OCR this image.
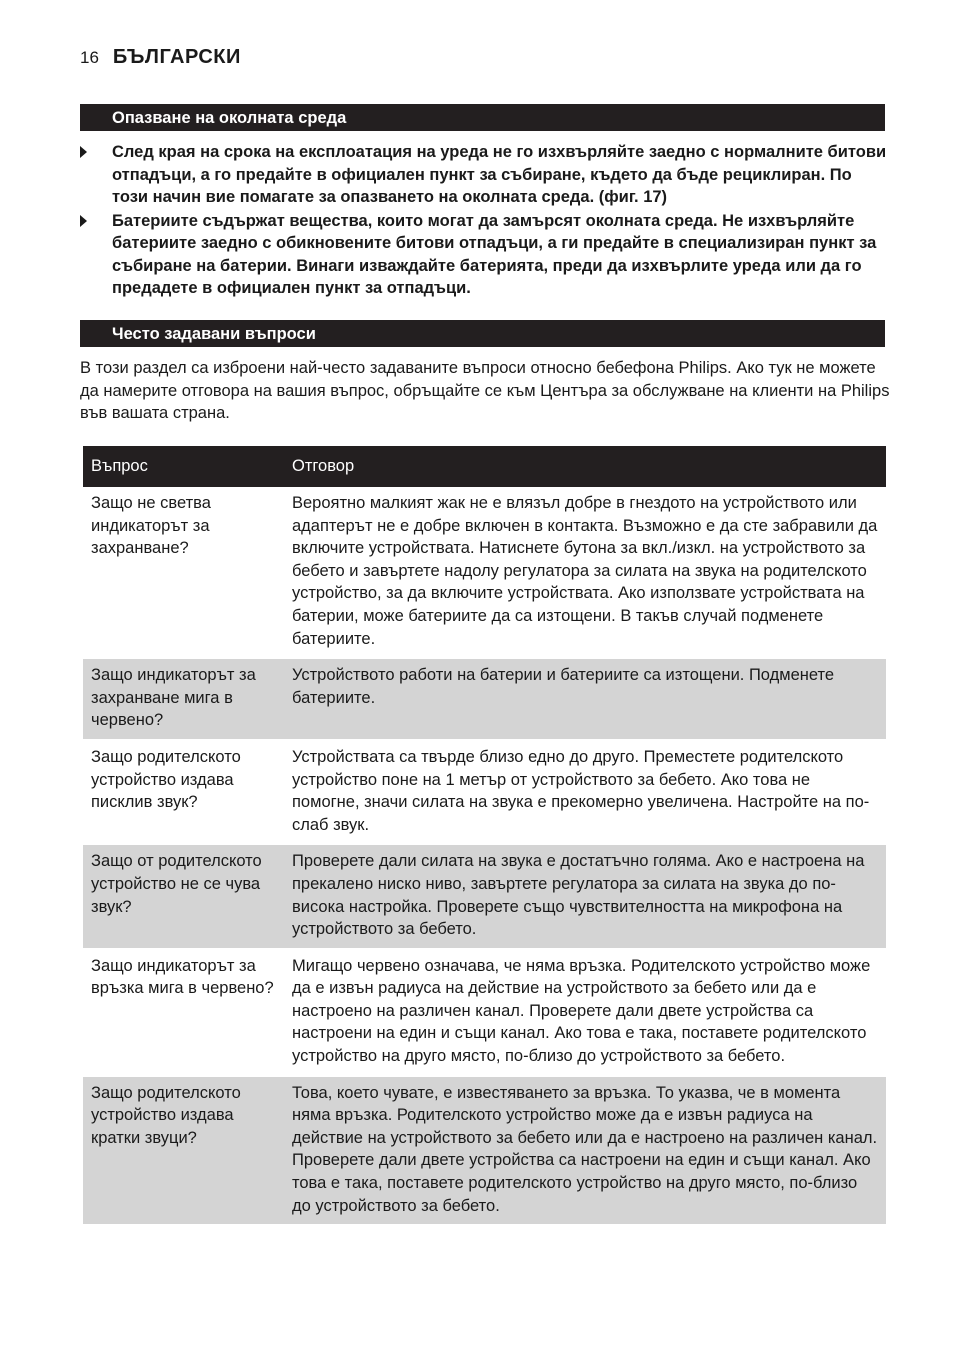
16 БЪЛГАРСКИ
Опазване на околната среда
След края на срока на експлоатация на уреда не го изхвърляйте заедно с нормалните битови отпадъци, а го предайте в официален пункт за събиране, където да бъде рециклиран. По този начин вие помагате за опазването на околната среда. (фиг. 17)
Батериите съдържат вещества, които могат да замърсят околната среда. Не изхвърляйте батериите заедно с обикновените битови отпадъци, а ги предайте в специализиран пункт за събиране на батерии. Винаги изваждайте батерията, преди да изхвърлите уреда или да го предадете в официален пункт за отпадъци.
Често задавани въпроси

В този раздел са изброени най-често задаваните въпроси относно бебефона Philips. Ако тук не можете да намерите отговора на вашия въпрос, обръщайте се към Центъра за обслужване на клиенти на Philips във вашата страна.

Въпрос	Отговор
Защо не светва индикаторът за захранване?	Вероятно малкият жак не е влязъл добре в гнездото на устройството или адаптерът не е добре включен в контакта. Възможно е да сте забравили да включите устройствата. Натиснете бутона за вкл./изкл. на устройството за бебето и завъртете надолу регулатора за силата на звука на родителското устройство, за да включите устройствата. Ако използвате устройствата на батерии, може батериите да са изтощени. В такъв случай подменете батериите.
Защо индикаторът за захранване мига в червено?	Устройството работи на батерии и батериите са изтощени. Подменете батериите.
Защо родителското устройство издава писклив звук?	Устройствата са твърде близо едно до друго. Преместете родителското устройство поне на 1 метър от устройството за бебето. Ако това не помогне, значи силата на звука е прекомерно увеличена. Настройте на по-слаб звук.
Защо от родителското устройство не се чува звук?	Проверете дали силата на звука е достатъчно голяма. Ако е настроена на прекалено ниско ниво, завъртете регулатора за силата на звука до по-висока настройка. Проверете също чувствителността на микрофона на устройството за бебето.
Защо индикаторът за връзка мига в червено?	Мигащо червено означава, че няма връзка. Родителското устройство може да е извън радиуса на действие на устройството за бебето или да е настроено на различен канал. Проверете дали двете устройства са настроени на един и същи канал. Ако това е така, поставете родителското устройство на друго място, по-близо до устройството за бебето.
Защо родителското устройство издава кратки звуци?	Това, което чувате, е известяването за връзка. То указва, че в момента няма връзка. Родителското устройство може да е извън радиуса на действие на устройството за бебето или да е настроено на различен канал. Проверете дали двете устройства са настроени на един и същи канал. Ако това е така, поставете родителското устройство на друго място, по-близо до устройството за бебето.
